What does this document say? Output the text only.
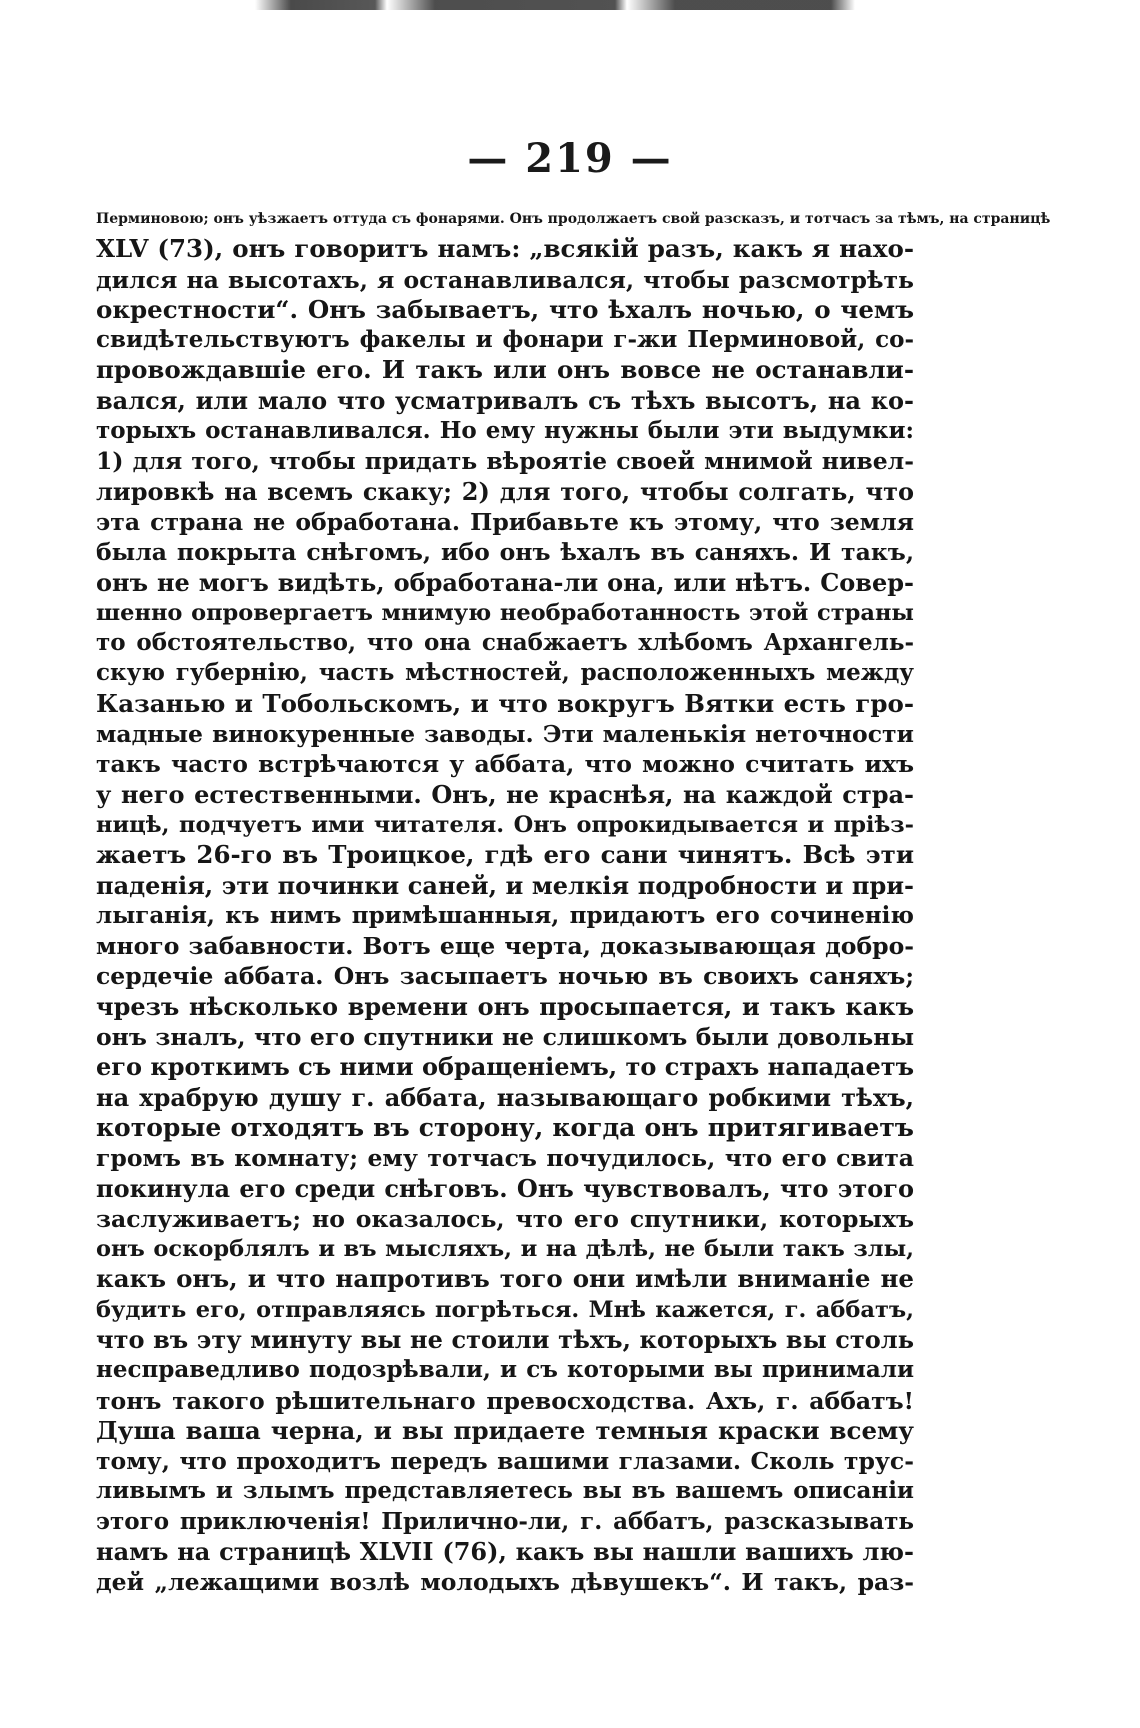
— 219 —
Перминовою; онъ уѣзжаетъ оттуда съ фонарями. Онъ продолжаетъ свой разсказъ, и тотчасъ за тѣмъ, на страницѣ
XLV (73), онъ говоритъ намъ: „всякій разъ, какъ я нахо-
дился на высотахъ, я останавливался, чтобы разсмотрѣть
окрестности“. Онъ забываетъ, что ѣхалъ ночью, о чемъ
свидѣтельствуютъ факелы и фонари г-жи Перминовой, со-
провождавшіе его. И такъ или онъ вовсе не останавли-
вался, или мало что усматривалъ съ тѣхъ высотъ, на ко-
торыхъ останавливался. Но ему нужны были эти выдумки:
1) для того, чтобы придать вѣроятіе своей мнимой нивел-
лировкѣ на всемъ скаку; 2) для того, чтобы солгать, что
эта страна не обработана. Прибавьте къ этому, что земля
была покрыта снѣгомъ, ибо онъ ѣхалъ въ саняхъ. И такъ,
онъ не могъ видѣть, обработана-ли она, или нѣтъ. Совер-
шенно опровергаетъ мнимую необработанность этой страны
то обстоятельство, что она снабжаетъ хлѣбомъ Архангель-
скую губернію, часть мѣстностей, расположенныхъ между
Казанью и Тобольскомъ, и что вокругъ Вятки есть гро-
мадные винокуренные заводы. Эти маленькія неточности
такъ часто встрѣчаются у аббата, что можно считать ихъ
у него естественными. Онъ, не краснѣя, на каждой стра-
ницѣ, подчуетъ ими читателя. Онъ опрокидывается и пріѣз-
жаетъ 26-го въ Троицкое, гдѣ его сани чинятъ. Всѣ эти
паденія, эти починки саней, и мелкія подробности и при-
лыганія, къ нимъ примѣшанныя, придаютъ его сочиненію
много забавности. Вотъ еще черта, доказывающая добро-
сердечіе аббата. Онъ засыпаетъ ночью въ своихъ саняхъ;
чрезъ нѣсколько времени онъ просыпается, и такъ какъ
онъ зналъ, что его спутники не слишкомъ были довольны
его кроткимъ съ ними обращеніемъ, то страхъ нападаетъ
на храбрую душу г. аббата, называющаго робкими тѣхъ,
которые отходятъ въ сторону, когда онъ притягиваетъ
громъ въ комнату; ему тотчасъ почудилось, что его свита
покинула его среди снѣговъ. Онъ чувствовалъ, что этого
заслуживаетъ; но оказалось, что его спутники, которыхъ
онъ оскорблялъ и въ мысляхъ, и на дѣлѣ, не были такъ злы,
какъ онъ, и что напротивъ того они имѣли вниманіе не
будить его, отправляясь погрѣться. Мнѣ кажется, г. аббатъ,
что въ эту минуту вы не стоили тѣхъ, которыхъ вы столь
несправедливо подозрѣвали, и съ которыми вы принимали
тонъ такого рѣшительнаго превосходства. Ахъ, г. аббатъ!
Душа ваша черна, и вы придаете темныя краски всему
тому, что проходитъ передъ вашими глазами. Сколь трус-
ливымъ и злымъ представляетесь вы въ вашемъ описаніи
этого приключенія! Прилично-ли, г. аббатъ, разсказывать
намъ на страницѣ XLVII (76), какъ вы нашли вашихъ лю-
дей „лежащими возлѣ молодыхъ дѣвушекъ“. И такъ, раз-
